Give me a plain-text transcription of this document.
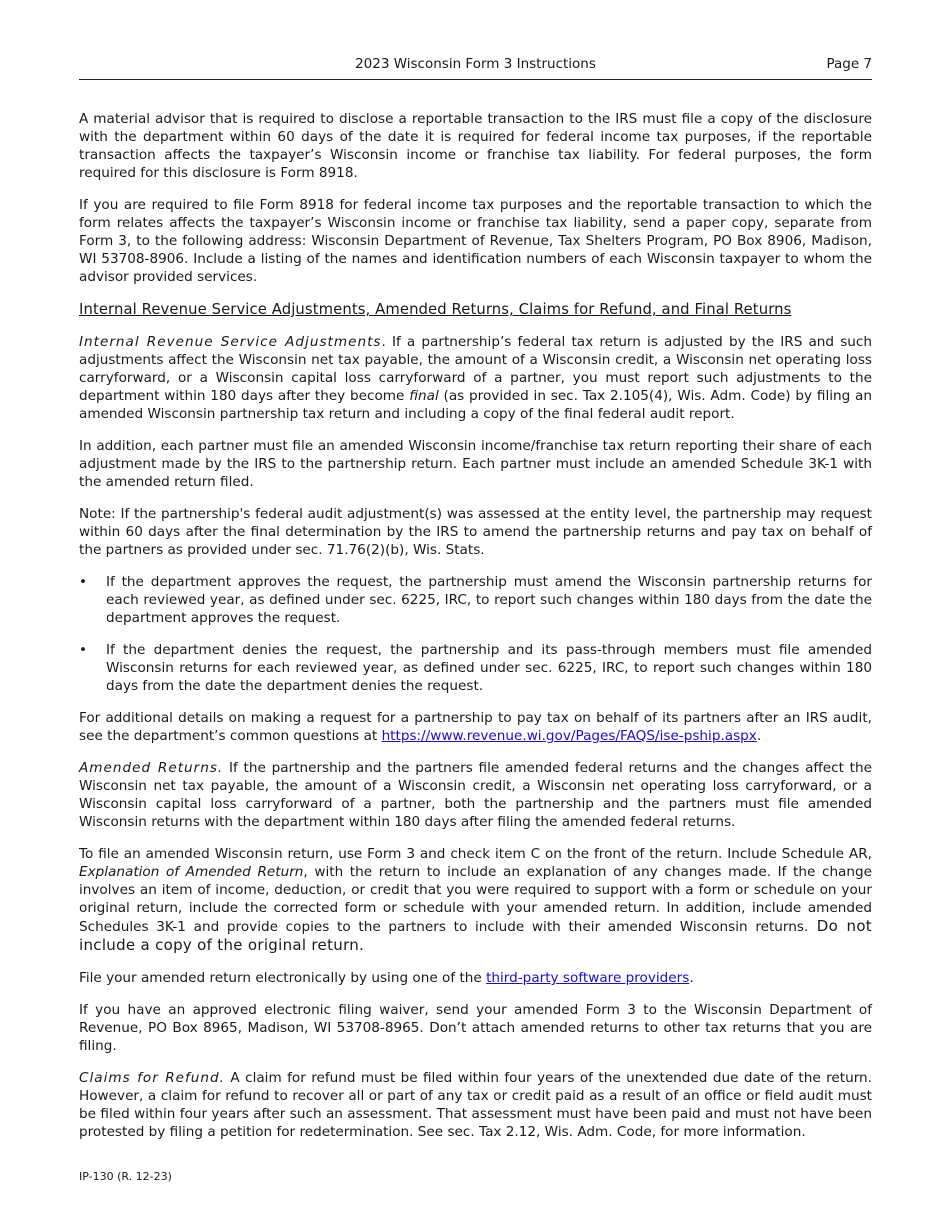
2023 Wisconsin Form 3 Instructions	Page 7

A material advisor that is required to disclose a reportable transaction to the IRS must file a copy of the disclosure with the department within 60 days of the date it is required for federal income tax purposes, if the reportable transaction affects the taxpayer’s Wisconsin income or franchise tax liability. For federal purposes, the form required for this disclosure is Form 8918.

If you are required to file Form 8918 for federal income tax purposes and the reportable transaction to which the form relates affects the taxpayer’s Wisconsin income or franchise tax liability, send a paper copy, separate from Form 3, to the following address: Wisconsin Department of Revenue, Tax Shelters Program, PO Box 8906, Madison, WI 53708-8906. Include a listing of the names and identification numbers of each Wisconsin taxpayer to whom the advisor provided services.

Internal Revenue Service Adjustments, Amended Returns, Claims for Refund, and Final Returns

Internal Revenue Service Adjustments. If a partnership’s federal tax return is adjusted by the IRS and such adjustments affect the Wisconsin net tax payable, the amount of a Wisconsin credit, a Wisconsin net operating loss carryforward, or a Wisconsin capital loss carryforward of a partner, you must report such adjustments to the department within 180 days after they become final (as provided in sec. Tax 2.105(4), Wis. Adm. Code) by filing an amended Wisconsin partnership tax return and including a copy of the final federal audit report.

In addition, each partner must file an amended Wisconsin income/franchise tax return reporting their share of each adjustment made by the IRS to the partnership return. Each partner must include an amended Schedule 3K-1 with the amended return filed.

Note: If the partnership's federal audit adjustment(s) was assessed at the entity level, the partnership may request within 60 days after the final determination by the IRS to amend the partnership returns and pay tax on behalf of the partners as provided under sec. 71.76(2)(b), Wis. Stats.

• If the department approves the request, the partnership must amend the Wisconsin partnership returns for each reviewed year, as defined under sec. 6225, IRC, to report such changes within 180 days from the date the department approves the request.
• If the department denies the request, the partnership and its pass-through members must file amended Wisconsin returns for each reviewed year, as defined under sec. 6225, IRC, to report such changes within 180 days from the date the department denies the request.

For additional details on making a request for a partnership to pay tax on behalf of its partners after an IRS audit, see the department’s common questions at https://www.revenue.wi.gov/Pages/FAQS/ise-pship.aspx.

Amended Returns. If the partnership and the partners file amended federal returns and the changes affect the Wisconsin net tax payable, the amount of a Wisconsin credit, a Wisconsin net operating loss carryforward, or a Wisconsin capital loss carryforward of a partner, both the partnership and the partners must file amended Wisconsin returns with the department within 180 days after filing the amended federal returns.

To file an amended Wisconsin return, use Form 3 and check item C on the front of the return. Include Schedule AR, Explanation of Amended Return, with the return to include an explanation of any changes made. If the change involves an item of income, deduction, or credit that you were required to support with a form or schedule on your original return, include the corrected form or schedule with your amended return. In addition, include amended Schedules 3K-1 and provide copies to the partners to include with their amended Wisconsin returns. Do not include a copy of the original return.

File your amended return electronically by using one of the third-party software providers.

If you have an approved electronic filing waiver, send your amended Form 3 to the Wisconsin Department of Revenue, PO Box 8965, Madison, WI 53708-8965. Don’t attach amended returns to other tax returns that you are filing.

Claims for Refund. A claim for refund must be filed within four years of the unextended due date of the return. However, a claim for refund to recover all or part of any tax or credit paid as a result of an office or field audit must be filed within four years after such an assessment. That assessment must have been paid and must not have been protested by filing a petition for redetermination. See sec. Tax 2.12, Wis. Adm. Code, for more information.

IP-130 (R. 12-23)
